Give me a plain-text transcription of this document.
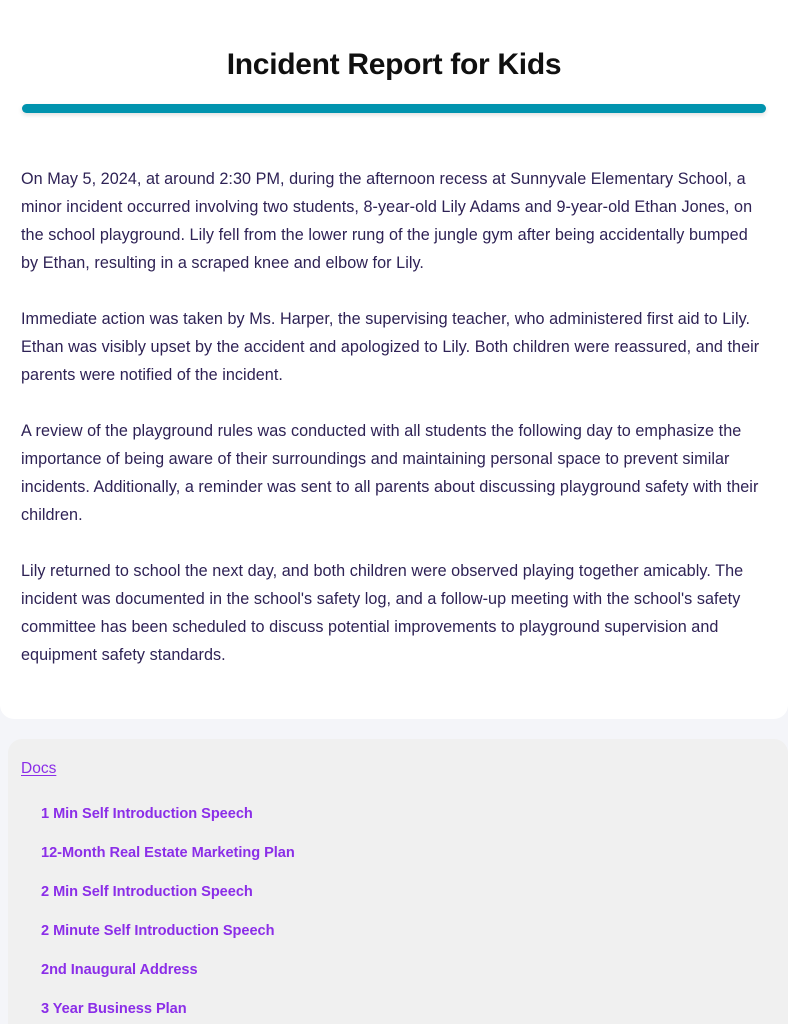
Incident Report for Kids

On May 5, 2024, at around 2:30 PM, during the afternoon recess at Sunnyvale Elementary School, a minor incident occurred involving two students, 8-year-old Lily Adams and 9-year-old Ethan Jones, on the school playground. Lily fell from the lower rung of the jungle gym after being accidentally bumped by Ethan, resulting in a scraped knee and elbow for Lily.

Immediate action was taken by Ms. Harper, the supervising teacher, who administered first aid to Lily. Ethan was visibly upset by the accident and apologized to Lily. Both children were reassured, and their parents were notified of the incident.

A review of the playground rules was conducted with all students the following day to emphasize the importance of being aware of their surroundings and maintaining personal space to prevent similar incidents. Additionally, a reminder was sent to all parents about discussing playground safety with their children.

Lily returned to school the next day, and both children were observed playing together amicably. The incident was documented in the school's safety log, and a follow-up meeting with the school's safety committee has been scheduled to discuss potential improvements to playground supervision and equipment safety standards.

Docs
1 Min Self Introduction Speech
12-Month Real Estate Marketing Plan
2 Min Self Introduction Speech
2 Minute Self Introduction Speech
2nd Inaugural Address
3 Year Business Plan
